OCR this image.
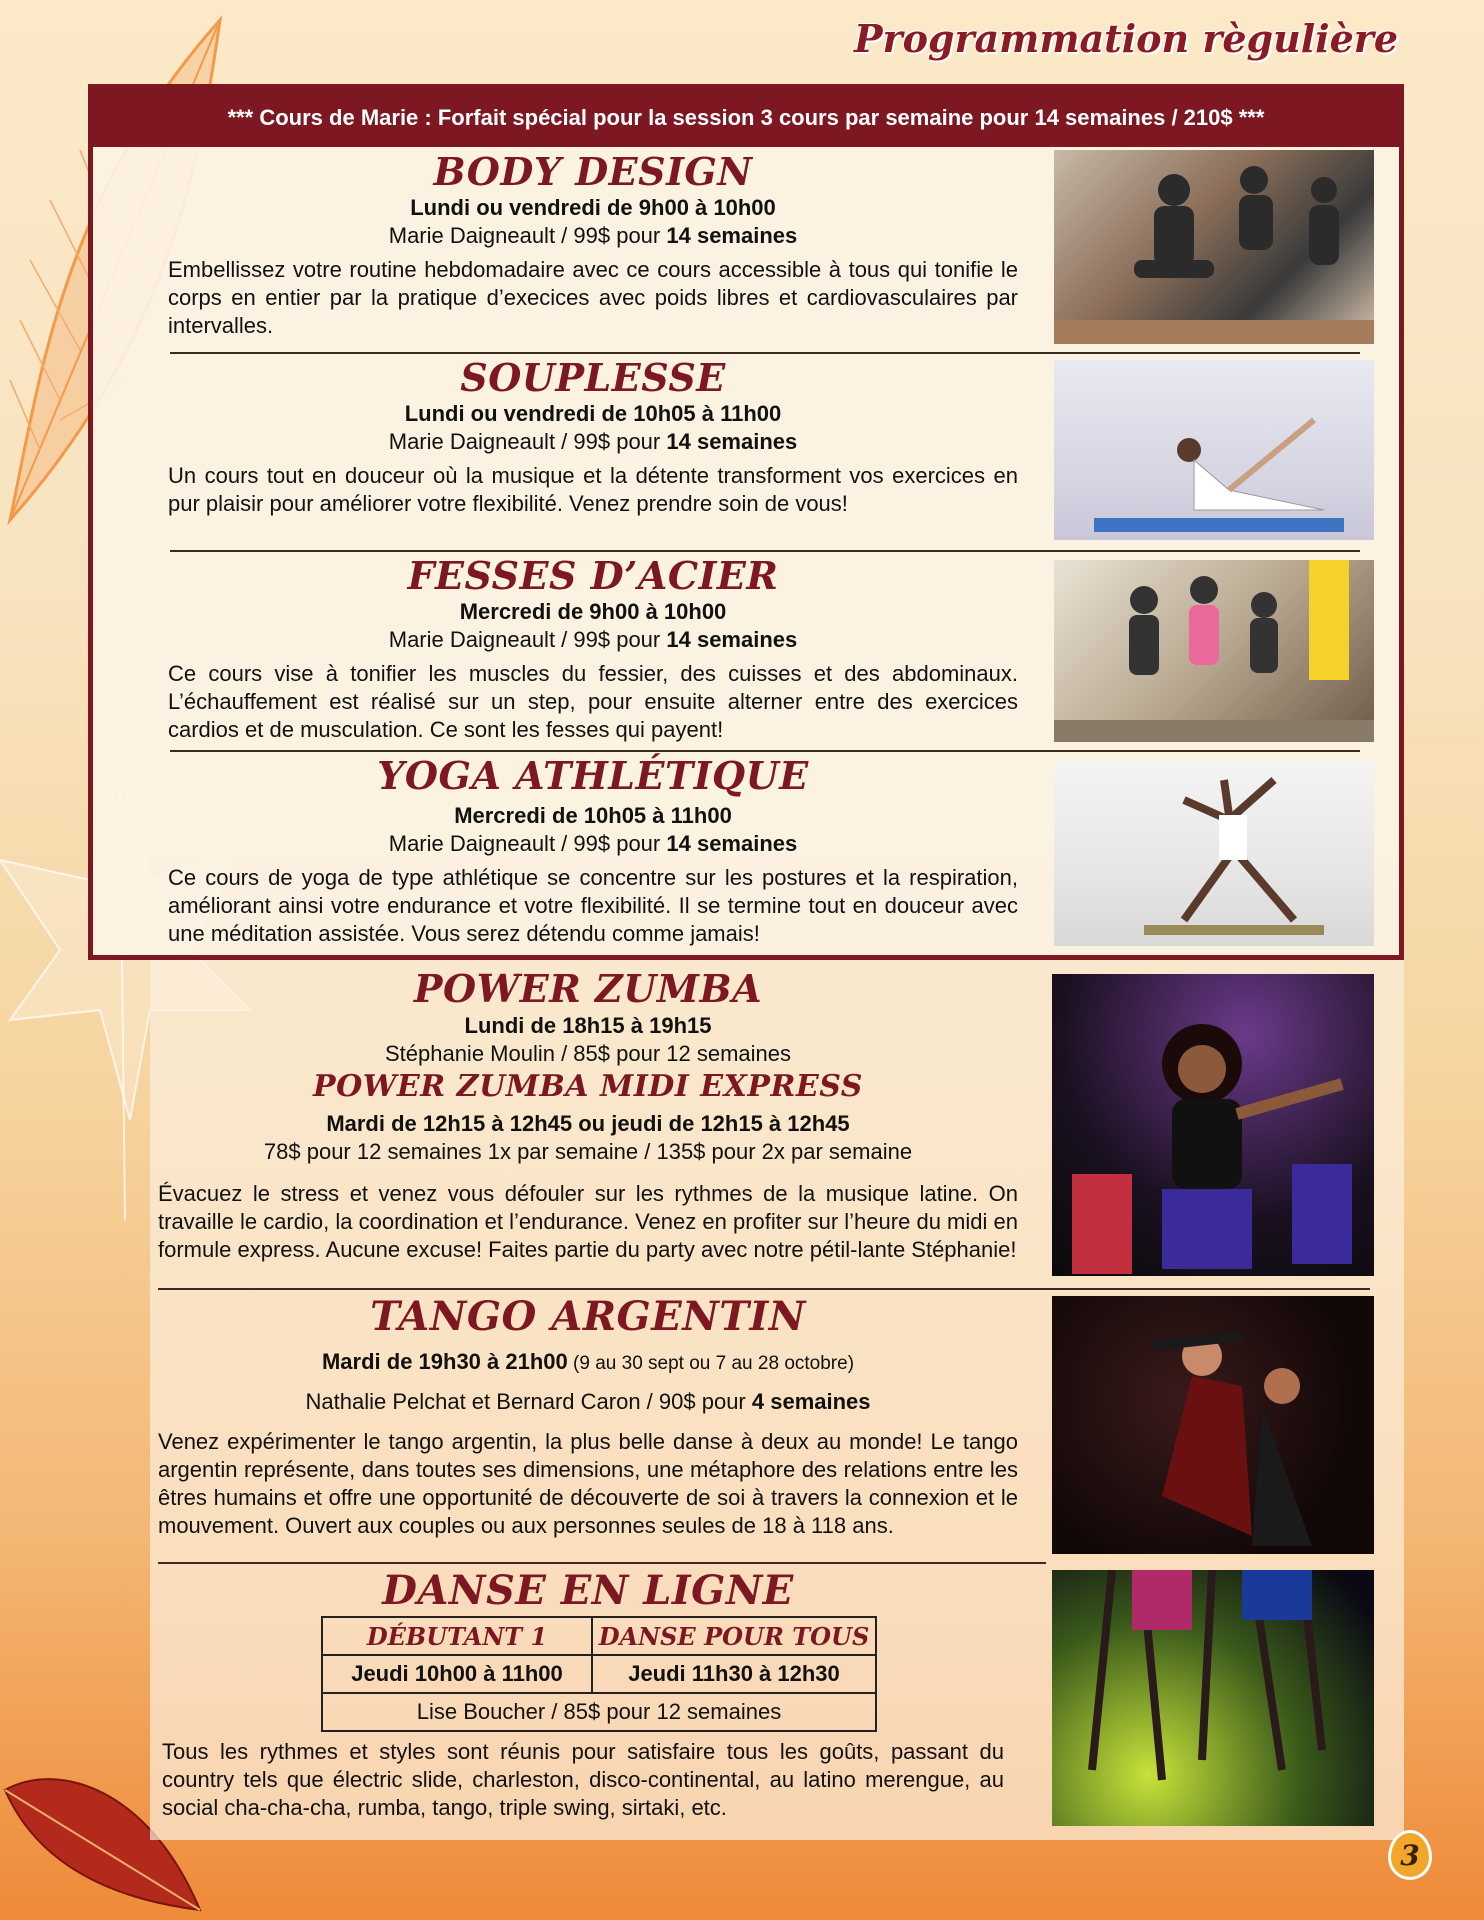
Programmation règulière
*** Cours de Marie : Forfait spécial pour la session 3 cours par semaine pour 14 semaines / 210$ ***
BODY DESIGN
Lundi ou vendredi de 9h00 à 10h00
Marie Daigneault / 99$ pour 14 semaines
Embellissez votre routine hebdomadaire avec ce cours accessible à tous qui tonifie le corps en entier par la pratique d’execices avec poids libres et cardiovasculaires par intervalles.
SOUPLESSE
Lundi ou vendredi de 10h05 à 11h00
Marie Daigneault / 99$ pour 14 semaines
Un cours tout en douceur où la musique et la détente transforment vos exercices en pur plaisir pour améliorer votre flexibilité. Venez prendre soin de vous!
FESSES D’ACIER
Mercredi de 9h00 à 10h00
Marie Daigneault / 99$ pour 14 semaines
Ce cours vise à tonifier les muscles du fessier, des cuisses et des abdominaux. L’échauffement est réalisé sur un step, pour ensuite alterner entre des exercices cardios et de musculation. Ce sont les fesses qui payent!
YOGA ATHLÉTIQUE
Mercredi de 10h05 à 11h00
Marie Daigneault / 99$ pour 14 semaines
Ce cours de yoga de type athlétique se concentre sur les postures et la respiration, améliorant ainsi votre endurance et votre flexibilité. Il se termine tout en douceur avec une méditation assistée. Vous serez détendu comme jamais!
POWER ZUMBA
Lundi de 18h15 à 19h15
Stéphanie Moulin / 85$ pour 12 semaines
POWER ZUMBA MIDI EXPRESS
Mardi de 12h15 à 12h45 ou jeudi de 12h15 à 12h45
78$ pour 12 semaines 1x par semaine / 135$ pour 2x par semaine
Évacuez le stress et venez vous défouler sur les rythmes de la musique latine. On travaille le cardio, la coordination et l’endurance. Venez en profiter sur l’heure du midi en formule express. Aucune excuse! Faites partie du party avec notre pétil-lante Stéphanie!
TANGO ARGENTIN
Mardi de 19h30 à 21h00 (9 au 30 sept ou 7 au 28 octobre)
Nathalie Pelchat et Bernard Caron / 90$ pour 4 semaines
Venez expérimenter le tango argentin, la plus belle danse à deux au monde! Le tango argentin représente, dans toutes ses dimensions, une métaphore des relations entre les êtres humains et offre une opportunité de découverte de soi à travers la connexion et le mouvement. Ouvert aux couples ou aux personnes seules de 18 à 118 ans.
DANSE EN LIGNE
DÉBUTANT 1	DANSE POUR TOUS
Jeudi 10h00 à 11h00	Jeudi 11h30 à 12h30
Lise Boucher / 85$ pour 12 semaines	
Tous les rythmes et styles sont réunis pour satisfaire tous les goûts, passant du country tels que électric slide, charleston, disco-continental, au latino merengue, au social cha-cha-cha, rumba, tango, triple swing, sirtaki, etc.
3
